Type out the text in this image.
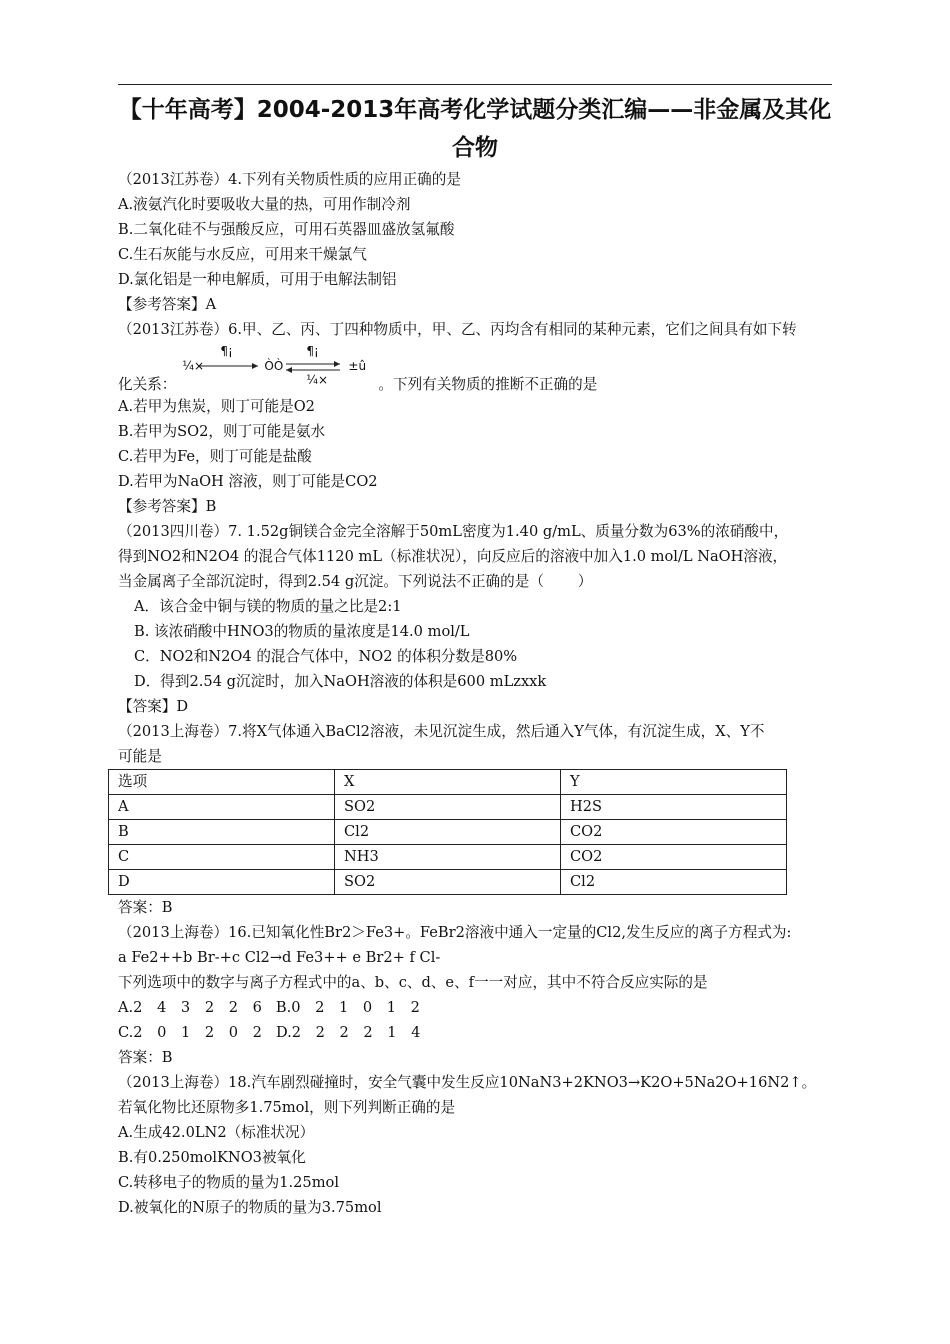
【十年高考】2004-2013年高考化学试题分类汇编——非金属及其化合物

（2013江苏卷）4.下列有关物质性质的应用正确的是

A.液氨汽化时要吸收大量的热，可用作制冷剂

B.二氧化硅不与强酸反应，可用石英器皿盛放氢氟酸

C.生石灰能与水反应，可用来干燥氯气

D.氯化铝是一种电解质，可用于电解法制铝

【参考答案】A

（2013江苏卷）6.甲、乙、丙、丁四种物质中，甲、乙、丙均含有相同的某种元素，它们之间具有如下转

化关系：
¼×
¶¡
ÒÒ
¶¡
¼×
±û
。下列有关物质的推断不正确的是

A.若甲为焦炭，则丁可能是O2

B.若甲为SO2，则丁可能是氨水

C.若甲为Fe，则丁可能是盐酸

D.若甲为NaOH 溶液，则丁可能是CO2

【参考答案】B

（2013四川卷）7. 1.52g铜镁合金完全溶解于50mL密度为1.40 g/mL、质量分数为63%的浓硝酸中，

得到NO2和N2O4 的混合气体1120 mL（标准状况），向反应后的溶液中加入1.0 mol/L NaOH溶液，

当金属离子全部沉淀时，得到2.54 g沉淀。下列说法不正确的是（　　 ）

A．该合金中铜与镁的物质的量之比是2:1

B. 该浓硝酸中HNO3的物质的量浓度是14.0 mol/L

C．NO2和N2O4 的混合气体中，NO2 的体积分数是80%

D．得到2.54 g沉淀时，加入NaOH溶液的体积是600 mLzxxk

【答案】D

（2013上海卷）7.将X气体通入BaCl2溶液，未见沉淀生成，然后通入Y气体，有沉淀生成，X、Y不

可能是

选项	X	Y
A	SO2	H2S
B	Cl2	CO2
C	NH3	CO2
D	SO2	Cl2

答案：B

（2013上海卷）16.已知氧化性Br2＞Fe3+。FeBr2溶液中通入一定量的Cl2,发生反应的离子方程式为:

a Fe2++b Br-+c Cl2→d Fe3++ e Br2+ f Cl-

下列选项中的数字与离子方程式中的a、b、c、d、e、f一一对应，其中不符合反应实际的是

A.2　4　3　2　2　6 B.0　2　1　0　1　2

C.2　0　1　2　0　2 D.2　2　2　2　1　4

答案：B

（2013上海卷）18.汽车剧烈碰撞时，安全气囊中发生反应10NaN3+2KNO3→K2O+5Na2O+16N2↑。

若氧化物比还原物多1.75mol，则下列判断正确的是

A.生成42.0LN2（标准状况）

B.有0.250molKNO3被氧化

C.转移电子的物质的量为1.25mol

D.被氧化的N原子的物质的量为3.75mol
